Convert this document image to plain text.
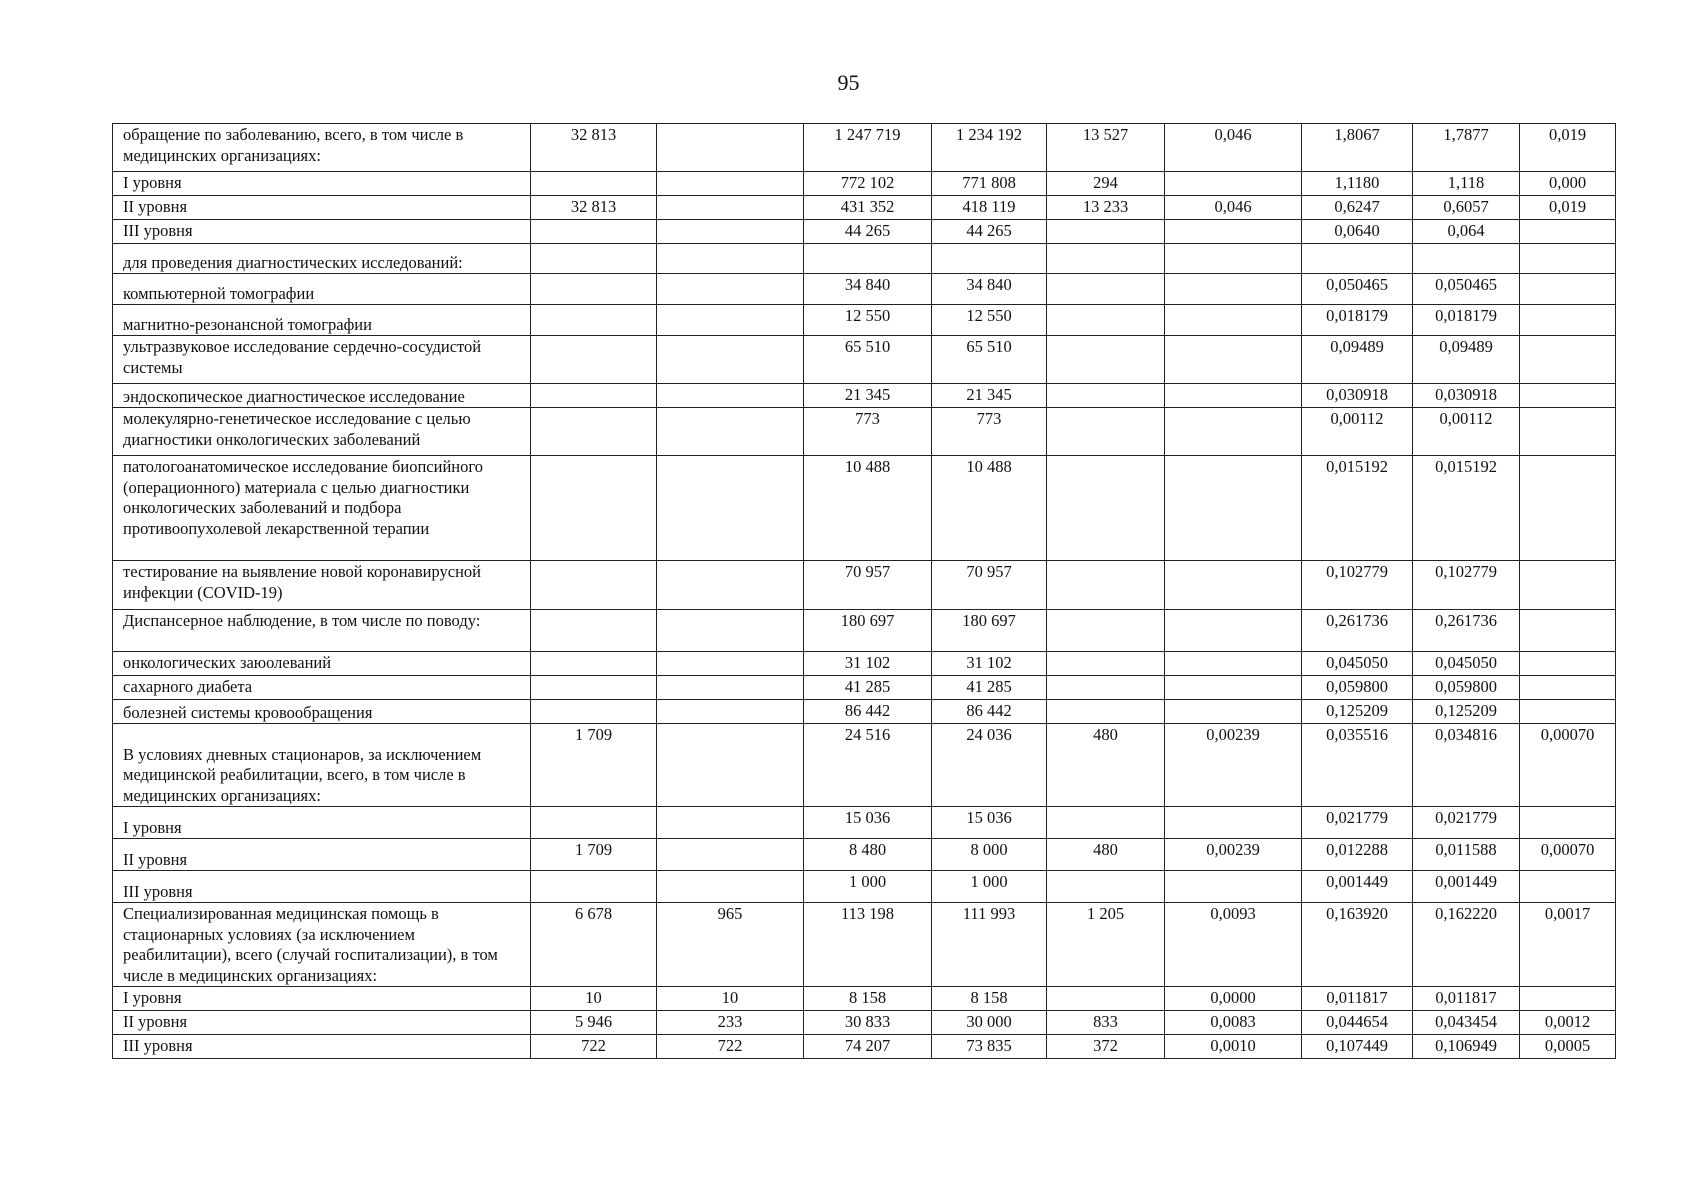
95
обращение по заболеванию, всего, в том числе в медицинских организациях:	32 813		1 247 719	1 234 192	13 527	0,046	1,8067	1,7877	0,019

I уровня			772 102	771 808	294		1,1180	1,118	0,000

II уровня	32 813		431 352	418 119	13 233	0,046	0,6247	0,6057	0,019

III уровня			44 265	44 265			0,0640	0,064	

для проведения диагностических исследований:									

компьютерной томографии			34 840	34 840			0,050465	0,050465	

магнитно-резонансной томографии			12 550	12 550			0,018179	0,018179	

ультразвуковое исследование сердечно-сосудистой системы			65 510	65 510			0,09489	0,09489	

эндоскопическое диагностическое исследование			21 345	21 345			0,030918	0,030918	

молекулярно-генетическое исследование с целью диагностики онкологических заболеваний			773	773			0,00112	0,00112	

патологоанатомическое исследование биопсийного (операционного) материала с целью диагностики онкологических заболеваний и подбора противоопухолевой лекарственной терапии			10 488	10 488			0,015192	0,015192	

тестирование на выявление новой коронавирусной инфекции (COVID-19)			70 957	70 957			0,102779	0,102779	

Диспансерное наблюдение, в том числе по поводу:			180 697	180 697			0,261736	0,261736	

онкологических заюолеваний			31 102	31 102			0,045050	0,045050	

сахарного диабета			41 285	41 285			0,059800	0,059800	

болезней системы кровообращения			86 442	86 442			0,125209	0,125209	

В условиях дневных стационаров, за исключением медицинской реабилитации, всего, в том числе в медицинских организациях:	1 709		24 516	24 036	480	0,00239	0,035516	0,034816	0,00070

I уровня			15 036	15 036			0,021779	0,021779	

II уровня	1 709		8 480	8 000	480	0,00239	0,012288	0,011588	0,00070

III уровня			1 000	1 000			0,001449	0,001449	

Специализированная медицинская помощь в стационарных условиях (за исключением реабилитации), всего (случай госпитализации), в том числе в медицинских организациях:	6 678	965	113 198	111 993	1 205	0,0093	0,163920	0,162220	0,0017

I уровня	10	10	8 158	8 158		0,0000	0,011817	0,011817	

II уровня	5 946	233	30 833	30 000	833	0,0083	0,044654	0,043454	0,0012

III уровня	722	722	74 207	73 835	372	0,0010	0,107449	0,106949	0,0005
